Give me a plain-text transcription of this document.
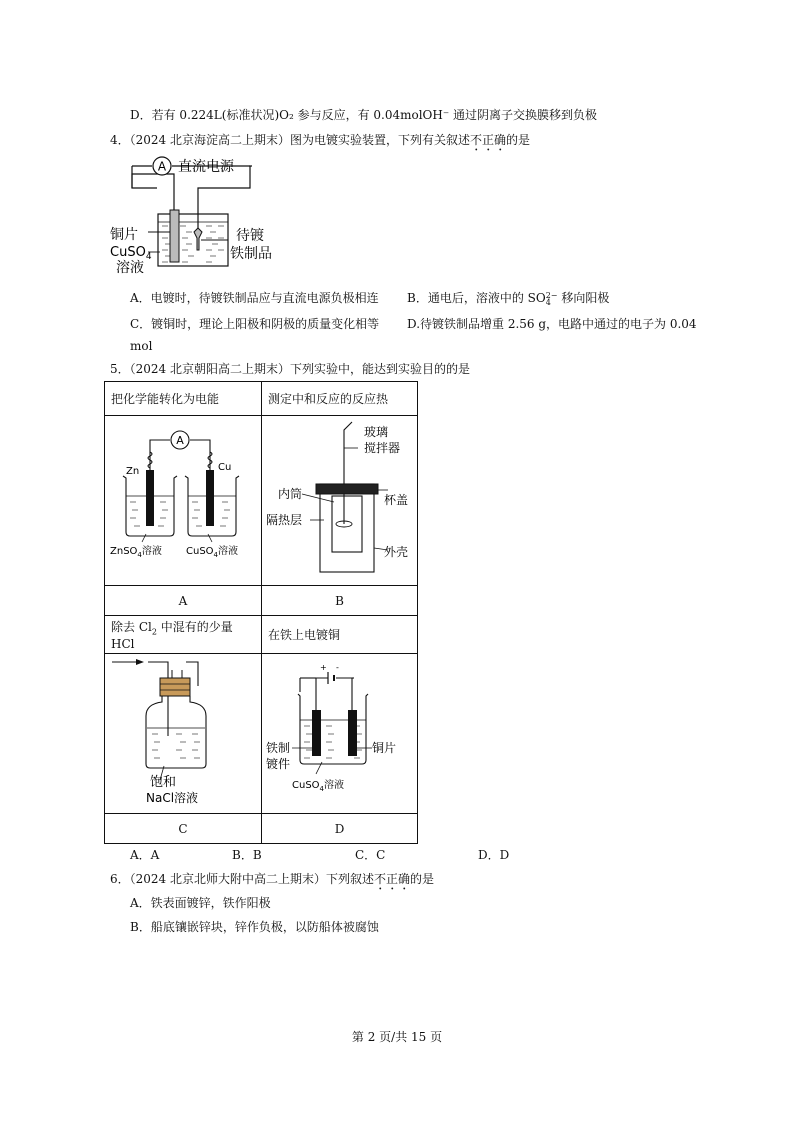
D．若有 0.224L(标准状况)O₂ 参与反应，有 0.04molOH⁻ 通过阴离子交换膜移到负极
4．（2024 北京海淀高二上期末）图为电镀实验装置，下列有关叙述不正确的是
A 直流电源
铜片
CuSO$_4$
溶液
待镀
铁制品
A．电镀时，待镀铁制品应与直流电源负极相连 B．通电后，溶液中的 SO 2−
4 移向阳极
C．镀铜时，理论上阳极和阴极的质量变化相等 D.待镀铁制品增重 2.56 g，电路中通过的电子为 0.04
mol
5．（2024 北京朝阳高二上期末）下列实验中，能达到实验目的的是
把化学能转化为电能	测定中和反应的反应热

A	B
除去 $Cl_2$ 中混有的少量 HCl	在铁上电镀铜

C	D
A
Zn	Cu
ZnSO$_4$溶液 CuSO$_4$溶液
玻璃
搅拌器
内筒
隔热层
杯盖
外壳
饱和
NaCl溶液
+ -
铁制
镀件
铜片
CuSO$_4$溶液
A．A	B．B	C．C	D．D
6．（2024 北京北师大附中高二上期末）下列叙述不正确的是
A．铁表面镀锌，铁作阳极
B．船底镶嵌锌块，锌作负极，以防船体被腐蚀
第 2 页/共 15 页
